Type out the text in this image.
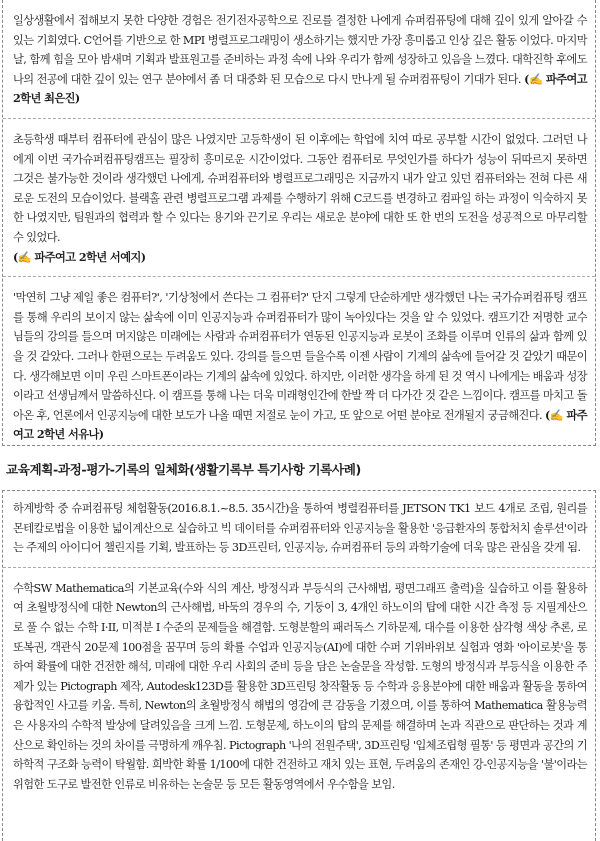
일상생활에서 접해보지 못한 다양한 경험은 전기전자공학으로 진로를 결정한 나에게 슈퍼컴퓨팅에 대해 깊이 있게 알아갈 수 있는 기회였다. C언어를 기반으로 한 MPI 병렬프로그래밍이 생소하기는 했지만 가장 흥미롭고 인상 깊은 활동 이었다. 마지막 날, 함께 힘을 모아 밤새며 기획과 발표원고를 준비하는 과정 속에 나와 우리가 함께 성장하고 있음을 느꼈다. 대학진학 후에도 나의 전공에 대한 깊이 있는 연구 분야에서 좀 더 대중화 된 모습으로 다시 만나게 될 슈퍼컴퓨팅이 기대가 된다. (✍ 파주여고 2학년 최은진)

초등학생 때부터 컴퓨터에 관심이 많은 나였지만 고등학생이 된 이후에는 학업에 치여 따로 공부할 시간이 없었다. 그러던 나에게 이번 국가슈퍼컴퓨팅캠프는 필장히 흥미로운 시간이었다. 그동안 컴퓨터로 무엇인가를 하다가 성능이 뒤따르지 못하면 그것은 불가능한 것이라 생각했던 나에게, 슈퍼컴퓨터와 병렬프로그래밍은 지금까지 내가 알고 있던 컴퓨터와는 전혀 다른 새로운 도전의 모습이었다. 블랙홀 관련 병렬프로그램 과제를 수행하기 위해 C코드를 변경하고 컴파일 하는 과정이 익숙하지 못한 나였지만, 팀원과의 협력과 할 수 있다는 용기와 끈기로 우리는 새로운 분야에 대한 또 한 번의 도전을 성공적으로 마무리할 수 있었다.
(✍ 파주여고 2학년 서예지)

'막연히 그냥 제일 좋은 컴퓨터?', '기상청에서 쓴다는 그 컴퓨터?' 단지 그렇게 단순하게만 생각했던 나는 국가슈퍼컴퓨팅 캠프를 통해 우리의 보이지 않는 삶속에 이미 인공지능과 슈퍼컴퓨터가 많이 녹아있다는 것을 알 수 있었다. 캠프기간 저명한 교수님들의 강의를 들으며 머지않은 미래에는 사람과 슈퍼컴퓨터가 연동된 인공지능과 로봇이 조화를 이루며 인류의 삶과 함께 있을 것 같았다. 그러나 한편으로는 두려움도 있다. 강의를 들으면 들을수록 이젠 사람이 기계의 삶속에 들어갈 것 같았기 때문이다. 생각해보면 이미 우린 스마트폰이라는 기계의 삶속에 있었다. 하지만, 이러한 생각을 하게 된 것 역시 나에게는 배움과 성장이라고 선생님께서 말씀하신다. 이 캠프를 통해 나는 더욱 미래형인간에 한발 짝 더 다가간 것 같은 느낌이다. 캠프를 마치고 돌아온 후, 언론에서 인공지능에 대한 보도가 나올 때면 저절로 눈이 가고, 또 앞으로 어떤 분야로 전개될지 궁금해진다. (✍ 파주여고 2학년 서유나)

교육계획-과정-평가-기록의 일체화(생활기록부 특기사항 기록사례)

하계방학 중 슈퍼컴퓨팅 체험활동(2016.8.1.~8.5. 35시간)을 통하여 병렬컴퓨터를 JETSON TK1 보드 4개로 조립, 원리를 몬테칼로법을 이용한 넓이계산으로 실습하고 빅 데이터를 슈퍼컴퓨터와 인공지능을 활용한 '응급환자의 통합처치 솔루션'이라는 주제의 아이디어 챌린지를 기획, 발표하는 등 3D프린터, 인공지능, 슈퍼컴퓨터 등의 과학기술에 더욱 많은 관심을 갖게 됨.

수학SW Mathematica의 기본교육(수와 식의 계산, 방정식과 부등식의 근사해법, 평면그래프 출력)을 실습하고 이를 활용하여 초월방정식에 대한 Newton의 근사해법, 바둑의 경우의 수, 기둥이 3, 4개인 하노이의 탑에 대한 시간 측정 등 지필계산으로 풀 수 없는 수학 I·II, 미적분 I 수준의 문제들을 해결함. 도형분할의 패러독스 기하문제, 대수를 이용한 삼각형 색상 추론, 로또복권, 객관식 20문제 100점을 꿈꾸며 등의 확률 수업과 인공지능(AI)에 대한 수퍼 기위바위보 실험과 영화 '아이로봇'을 통하여 확률에 대한 건전한 해석, 미래에 대한 우리 사회의 준비 등을 담은 논술문을 작성함. 도형의 방정식과 부등식을 이용한 주제가 있는 Pictograph 제작, Autodesk123D를 활용한 3D프린팅 창작활동 등 수학과 응용분야에 대한 배움과 활동을 통하여 융합적인 사고를 키움. 특히, Newton의 초월방정식 해법의 영감에 큰 감동을 기졌으며, 이를 통하여 Mathematica 활용능력은 사용자의 수학적 발상에 달려있음을 크게 느낌. 도형문제, 하노이의 탑의 문제를 해결하며 논과 직관으로 판단하는 것과 계산으로 확인하는 것의 차이를 극명하게 깨우침. Pictograph '나의 전원주택', 3D프린팅 '입체조립형 필통' 등 평면과 공간의 기하학적 구조화 능력이 탁월함. 희박한 확률 1/100에 대한 건전하고 재치 있는 표현, 두려움의 존재인 강-인공지능을 '불'이라는 위험한 도구로 발전한 인류로 비유하는 논술문 등 모든 활동영역에서 우수함을 보임.
